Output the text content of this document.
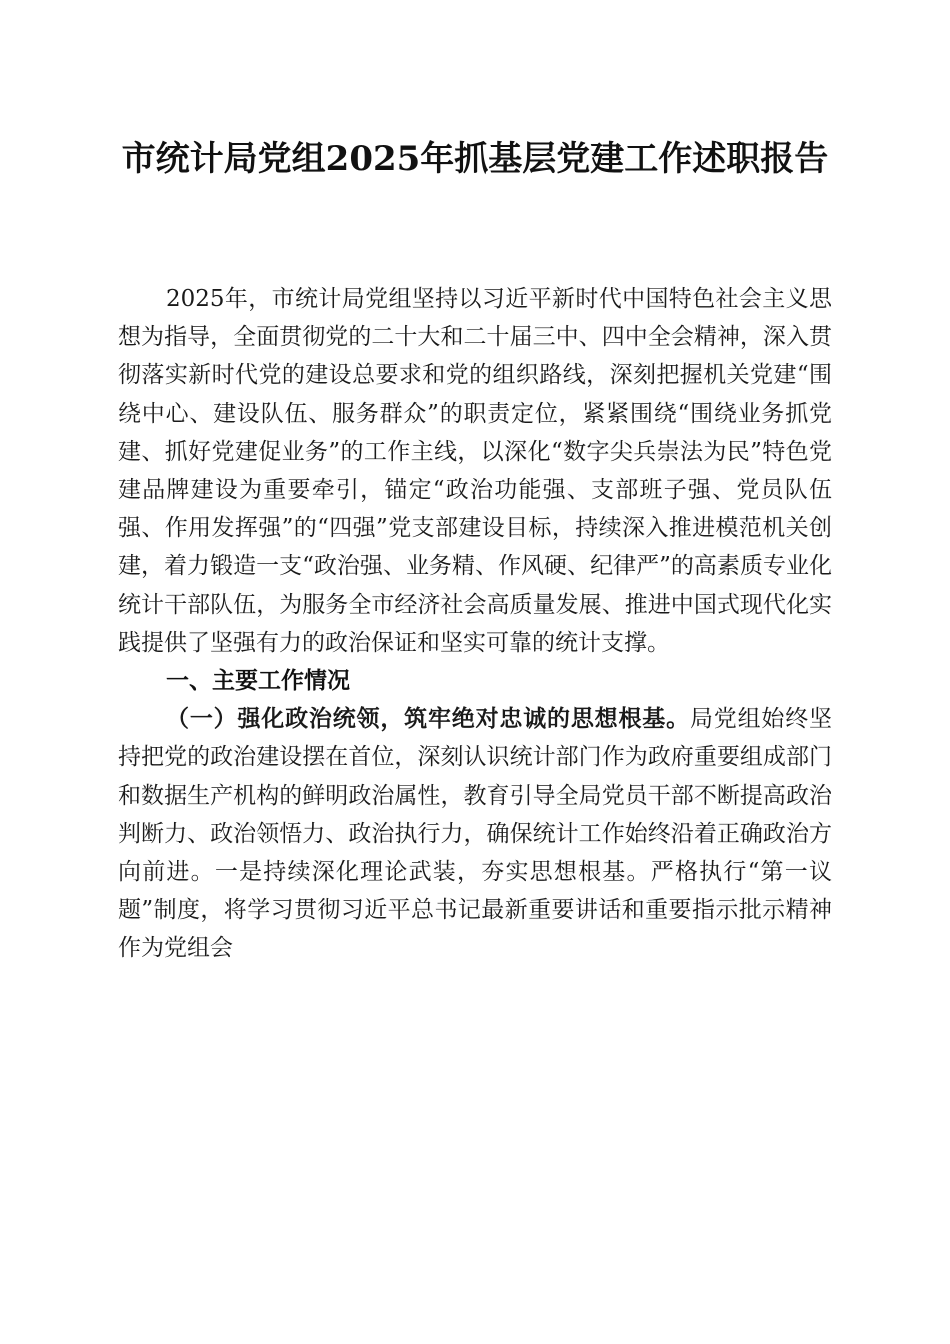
市统计局党组2025年抓基层党建工作述职报告

2025年，市统计局党组坚持以习近平新时代中国特色社会主义思想为指导，全面贯彻党的二十大和二十届三中、四中全会精神，深入贯彻落实新时代党的建设总要求和党的组织路线，深刻把握机关党建“围绕中心、建设队伍、服务群众”的职责定位，紧紧围绕“围绕业务抓党建、抓好党建促业务”的工作主线，以深化“数字尖兵崇法为民”特色党建品牌建设为重要牵引，锚定“政治功能强、支部班子强、党员队伍强、作用发挥强”的“四强”党支部建设目标，持续深入推进模范机关创建，着力锻造一支“政治强、业务精、作风硬、纪律严”的高素质专业化统计干部队伍，为服务全市经济社会高质量发展、推进中国式现代化实践提供了坚强有力的政治保证和坚实可靠的统计支撑。

一、主要工作情况

（一）强化政治统领，筑牢绝对忠诚的思想根基。局党组始终坚持把党的政治建设摆在首位，深刻认识统计部门作为政府重要组成部门和数据生产机构的鲜明政治属性，教育引导全局党员干部不断提高政治判断力、政治领悟力、政治执行力，确保统计工作始终沿着正确政治方向前进。一是持续深化理论武装，夯实思想根基。严格执行“第一议题”制度，将学习贯彻习近平总书记最新重要讲话和重要指示批示精神作为党组会
